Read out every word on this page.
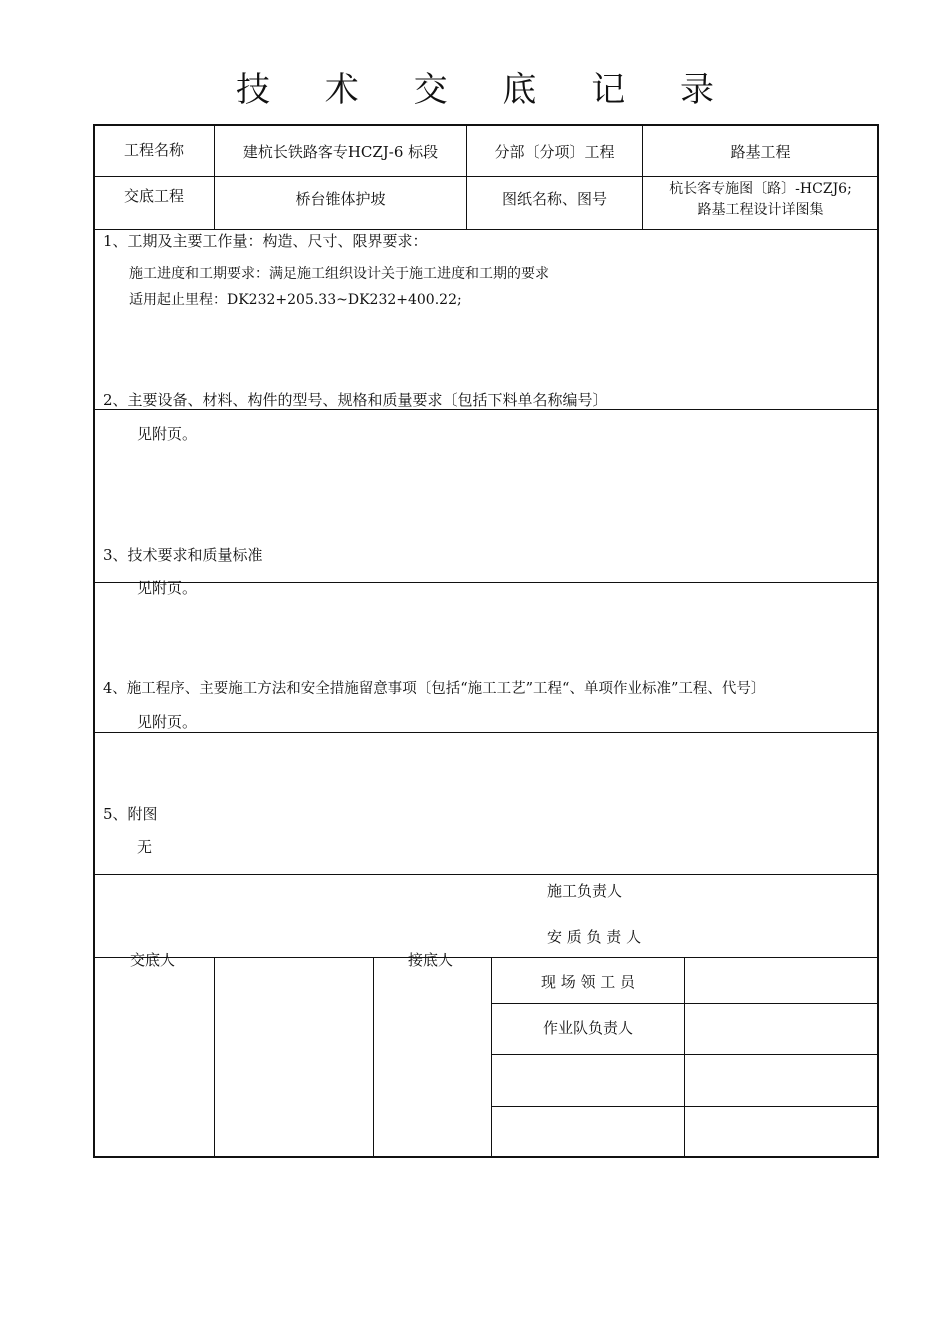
技 术 交 底 记 录
工程名称	建杭长铁路客专HCZJ-6 标段	分部〔分项〕工程	路基工程
交底工程	桥台锥体护坡	图纸名称、图号
杭长客专施图〔路〕-HCZJ6;
路基工程设计详图集
1、工期及主要工作量：构造、尺寸、限界要求：
施工进度和工期要求：满足施工组织设计关于施工进度和工期的要求
适用起止里程：DK232+205.33~DK232+400.22;
2、主要设备、材料、构件的型号、规格和质量要求〔包括下料单名称编号〕
见附页。
3、技术要求和质量标准
见附页。
4、施工程序、主要施工方法和安全措施留意事项〔包括“施工工艺”工程“、单项作业标准”工程、代号〕
见附页。
5、附图
无
施工负责人
安 质 负 责 人
交底人	接底人
现 场 领 工 员
作业队负责人
